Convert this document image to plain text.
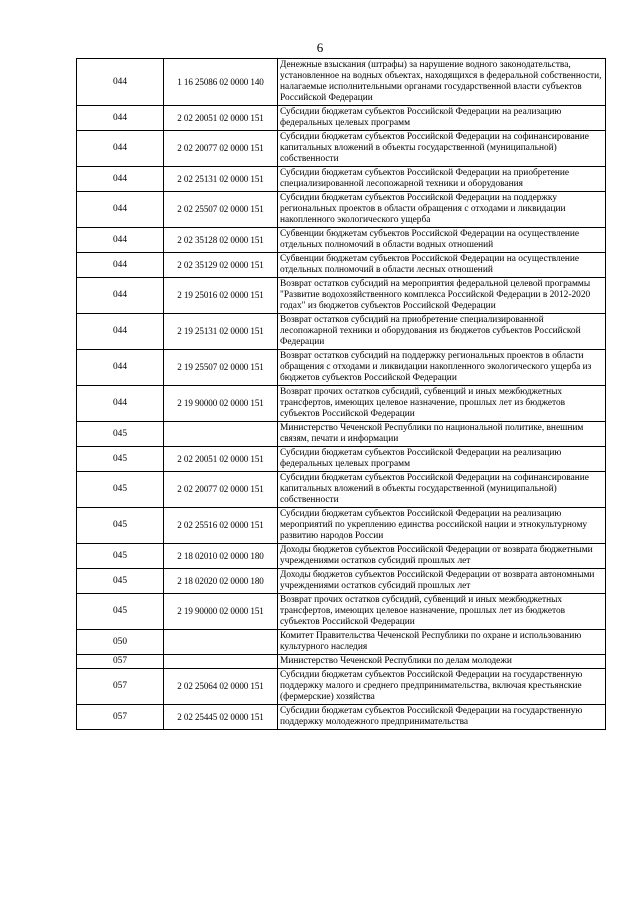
6
044	1 16 25086 02 0000 140	Денежные взыскания (штрафы) за нарушение водного законодательства, установленное на водных объектах, находящихся в федеральной собственности, налагаемые исполнительными органами государственной власти субъектов Российской Федерации
044	2 02 20051 02 0000 151	Субсидии бюджетам субъектов Российской Федерации на реализацию федеральных целевых программ
044	2 02 20077 02 0000 151	Субсидии бюджетам субъектов Российской Федерации на софинансирование капитальных вложений в объекты государственной (муниципальной) собственности
044	2 02 25131 02 0000 151	Субсидии бюджетам субъектов Российской Федерации на приобретение специализированной лесопожарной техники и оборудования
044	2 02 25507 02 0000 151	Субсидии бюджетам субъектов Российской Федерации на поддержку региональных проектов в области обращения с отходами и ликвидации накопленного экологического ущерба
044	2 02 35128 02 0000 151	Субвенции бюджетам субъектов Российской Федерации на осуществление отдельных полномочий в области водных отношений
044	2 02 35129 02 0000 151	Субвенции бюджетам субъектов Российской Федерации на осуществление отдельных полномочий в области лесных отношений
044	2 19 25016 02 0000 151	Возврат остатков субсидий на мероприятия федеральной целевой программы "Развитие водохозяйственного комплекса Российской Федерации в 2012-2020 годах" из бюджетов субъектов Российской Федерации
044	2 19 25131 02 0000 151	Возврат остатков субсидий на приобретение специализированной лесопожарной техники и оборудования из бюджетов субъектов Российской Федерации
044	2 19 25507 02 0000 151	Возврат остатков субсидий на поддержку региональных проектов в области обращения с отходами и ликвидации накопленного экологического ущерба из бюджетов субъектов Российской Федерации
044	2 19 90000 02 0000 151	Возврат прочих остатков субсидий, субвенций и иных межбюджетных трансфертов, имеющих целевое назначение, прошлых лет из бюджетов субъектов Российской Федерации
045		Министерство Чеченской Республики по национальной политике, внешним связям, печати и информации
045	2 02 20051 02 0000 151	Субсидии бюджетам субъектов Российской Федерации на реализацию федеральных целевых программ
045	2 02 20077 02 0000 151	Субсидии бюджетам субъектов Российской Федерации на софинансирование капитальных вложений в объекты государственной (муниципальной) собственности
045	2 02 25516 02 0000 151	Субсидии бюджетам субъектов Российской Федерации на реализацию мероприятий по укреплению единства российской нации и этнокультурному развитию народов России
045	2 18 02010 02 0000 180	Доходы бюджетов субъектов Российской Федерации от возврата бюджетными учреждениями остатков субсидий прошлых лет
045	2 18 02020 02 0000 180	Доходы бюджетов субъектов Российской Федерации от возврата автономными учреждениями остатков субсидий прошлых лет
045	2 19 90000 02 0000 151	Возврат прочих остатков субсидий, субвенций и иных межбюджетных трансфертов, имеющих целевое назначение, прошлых лет из бюджетов субъектов Российской Федерации
050		Комитет Правительства Чеченской Республики по охране и использованию культурного наследия
057		Министерство Чеченской Республики по делам молодежи
057	2 02 25064 02 0000 151	Субсидии бюджетам субъектов Российской Федерации на государственную поддержку малого и среднего предпринимательства, включая крестьянские (фермерские) хозяйства
057	2 02 25445 02 0000 151	Субсидии бюджетам субъектов Российской Федерации на государственную поддержку молодежного предпринимательства
